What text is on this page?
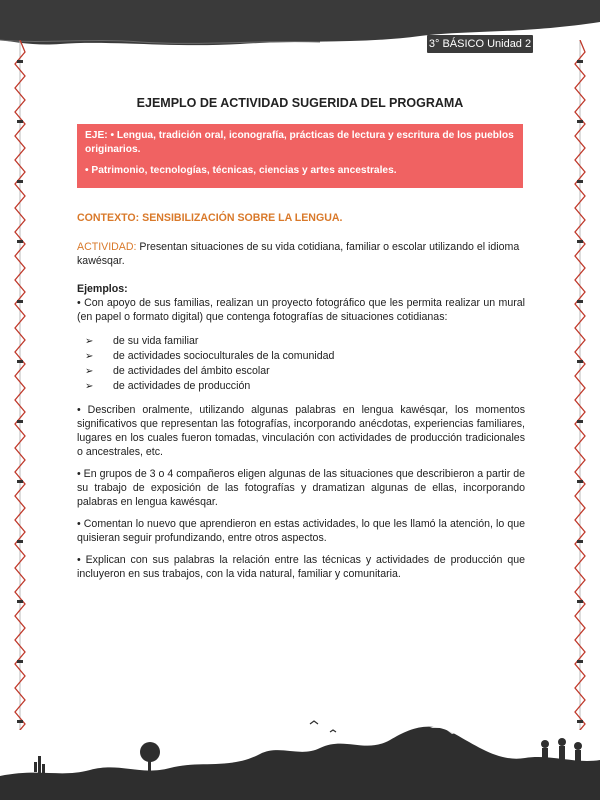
3° BÁSICO Unidad 2
EJEMPLO DE ACTIVIDAD SUGERIDA DEL PROGRAMA

EJE: • Lengua, tradición oral, iconografía, prácticas de lectura y escritura de los pueblos originarios.

• Patrimonio, tecnologías, técnicas, ciencias y artes ancestrales.

CONTEXTO: SENSIBILIZACIÓN SOBRE LA LENGUA.

ACTIVIDAD: Presentan situaciones de su vida cotidiana, familiar o escolar utilizando el idioma kawésqar.

Ejemplos:

• Con apoyo de sus familias, realizan un proyecto fotográfico que les permita realizar un mural (en papel o formato digital) que contenga fotografías de situaciones cotidianas:

➢ de su vida familiar
➢ de actividades socioculturales de la comunidad
➢ de actividades del ámbito escolar
➢ de actividades de producción

• Describen oralmente, utilizando algunas palabras en lengua kawésqar, los momentos significativos que representan las fotografías, incorporando anécdotas, experiencias familiares, lugares en los cuales fueron tomadas, vinculación con actividades de producción tradicionales o ancestrales, etc.

• En grupos de 3 o 4 compañeros eligen algunas de las situaciones que describieron a partir de su trabajo de exposición de las fotografías y dramatizan algunas de ellas, incorporando palabras en lengua kawésqar.

• Comentan lo nuevo que aprendieron en estas actividades, lo que les llamó la atención, lo que quisieran seguir profundizando, entre otros aspectos.

• Explican con sus palabras la relación entre las técnicas y actividades de producción que incluyeron en sus trabajos, con la vida natural, familiar y comunitaria.
